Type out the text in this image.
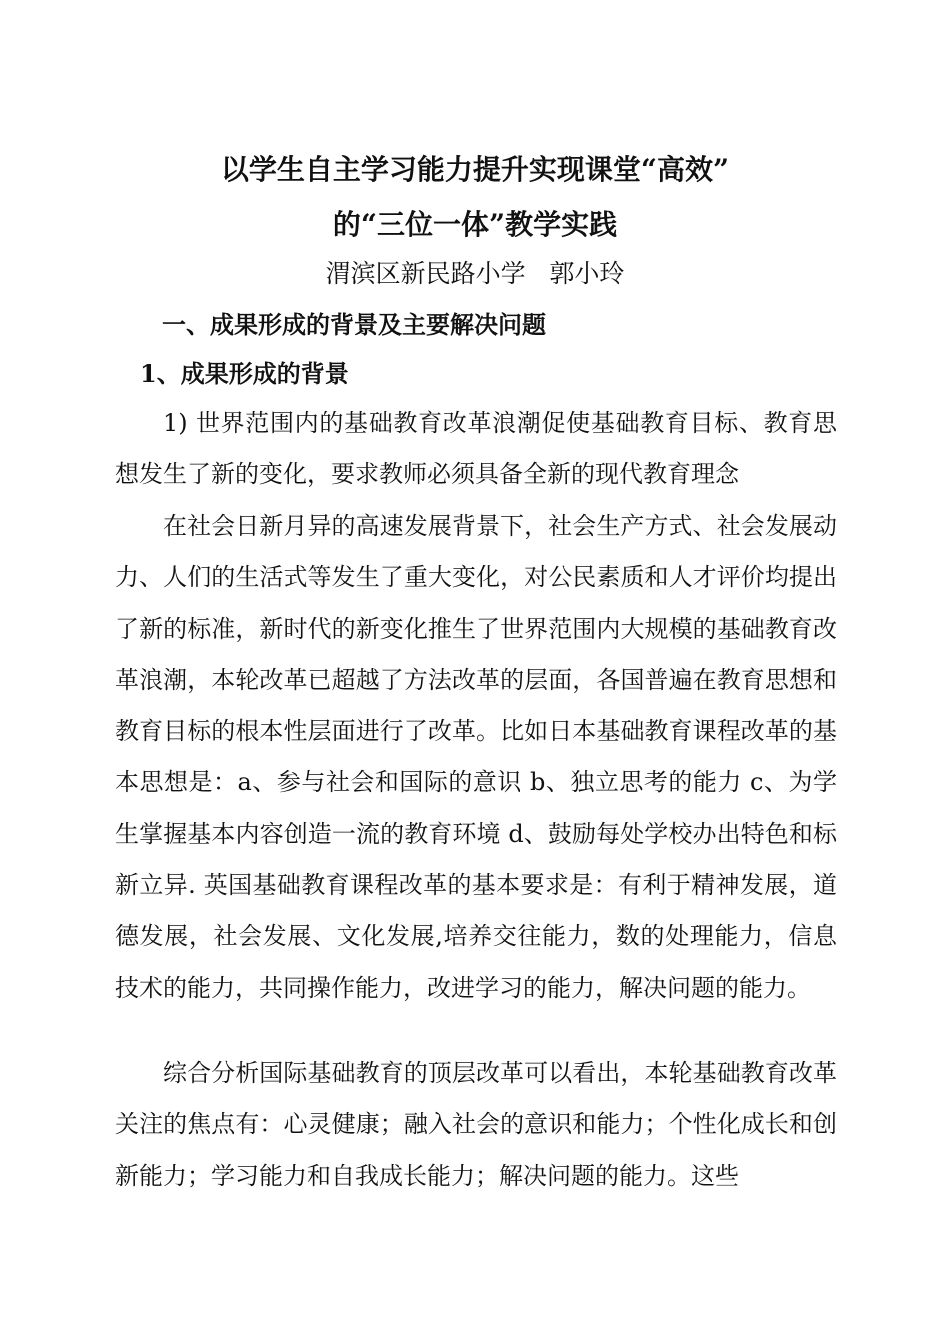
以学生自主学习能力提升实现课堂“高效”
的“三位一体”教学实践
渭滨区新民路小学   郭小玲
一、成果形成的背景及主要解决问题
1、成果形成的背景

1) 世界范围内的基础教育改革浪潮促使基础教育目标、教育思想发生了新的变化，要求教师必须具备全新的现代教育理念

在社会日新月异的高速发展背景下，社会生产方式、社会发展动力、人们的生活式等发生了重大变化，对公民素质和人才评价均提出了新的标准，新时代的新变化推生了世界范围内大规模的基础教育改革浪潮，本轮改革已超越了方法改革的层面，各国普遍在教育思想和教育目标的根本性层面进行了改革。比如日本基础教育课程改革的基本思想是：a、参与社会和国际的意识 b、独立思考的能力 c、为学生掌握基本内容创造一流的教育环境 d、鼓励每处学校办出特色和标新立异. 英国基础教育课程改革的基本要求是：有利于精神发展，道德发展，社会发展、文化发展,培养交往能力，数的处理能力，信息技术的能力，共同操作能力，改进学习的能力，解决问题的能力。

综合分析国际基础教育的顶层改革可以看出，本轮基础教育改革关注的焦点有：心灵健康；融入社会的意识和能力；个性化成长和创新能力；学习能力和自我成长能力；解决问题的能力。这些
